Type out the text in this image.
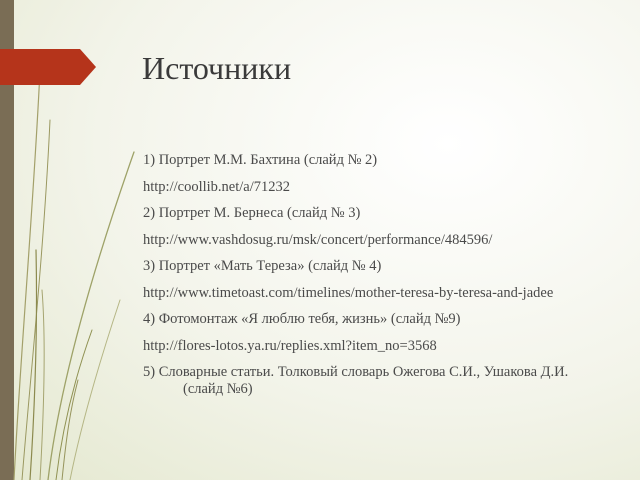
Источники
1) Портрет М.М. Бахтина (слайд № 2)
http://coollib.net/a/71232
2) Портрет М. Бернеса (слайд № 3)
http://www.vashdosug.ru/msk/concert/performance/484596/
3) Портрет «Мать Тереза» (слайд № 4)
http://www.timetoast.com/timelines/mother-teresa-by-teresa-and-jadee
4) Фотомонтаж «Я люблю тебя, жизнь» (слайд №9)
http://flores-lotos.ya.ru/replies.xml?item_no=3568
5) Словарные статьи. Толковый словарь Ожегова С.И., Ушакова Д.И.
(слайд №6)
